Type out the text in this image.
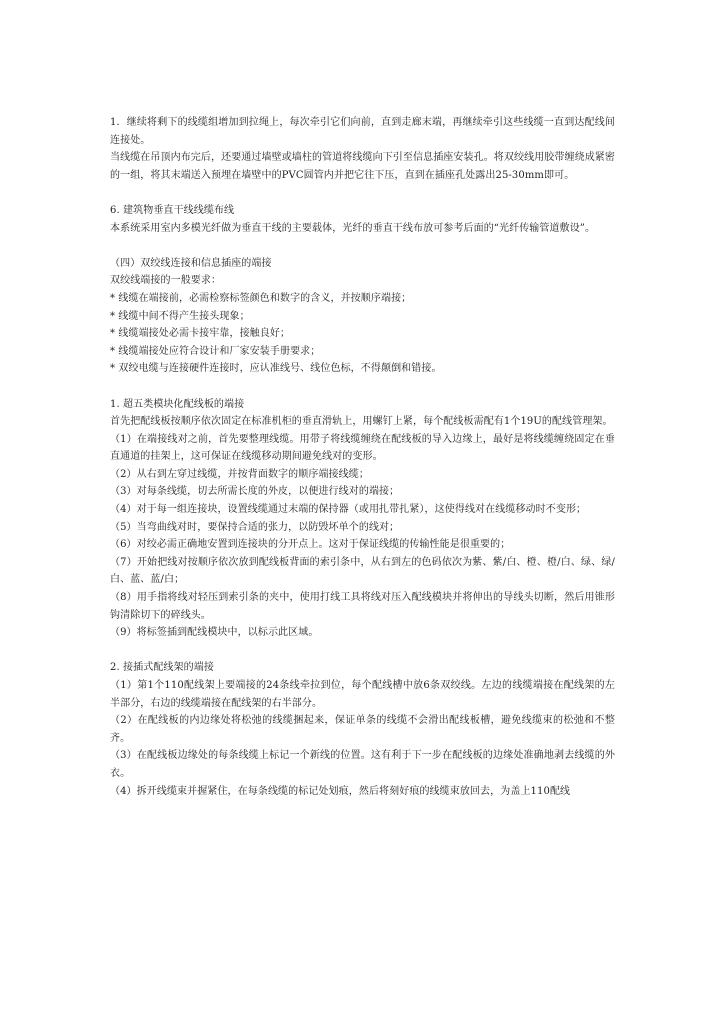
1．继续将剩下的线缆组增加到拉绳上，每次牵引它们向前，直到走廊末端，再继续牵引这些线缆一直到达配线间连接处。

当线缆在吊顶内布完后，还要通过墙壁或墙柱的管道将线缆向下引至信息插座安装孔。将双绞线用胶带缠绕成紧密的一组，将其末端送入预埋在墙壁中的PVC圆管内并把它往下压，直到在插座孔处露出25-30mm即可。

6. 建筑物垂直干线线缆布线

本系统采用室内多模光纤做为垂直干线的主要载体，光纤的垂直干线布放可参考后面的“光纤传输管道敷设”。

（四）双绞线连接和信息插座的端接

双绞线端接的一般要求：

* 线缆在端接前，必需检察标签颜色和数字的含义，并按顺序端接；

* 线缆中间不得产生接头现象；

* 线缆端接处必需卡接牢靠，接触良好；

* 线缆端接处应符合设计和厂家安装手册要求；

* 双绞电缆与连接硬件连接时，应认准线号、线位色标，不得颠倒和错接。

1. 超五类模块化配线板的端接

首先把配线板按顺序依次固定在标准机柜的垂直滑轨上，用螺钉上紧，每个配线板需配有1个19U的配线管理架。

（1）在端接线对之前，首先要整理线缆。用带子将线缆缠绕在配线板的导入边缘上，最好是将线缆缠绕固定在垂直通道的挂架上，这可保证在线缆移动期间避免线对的变形。

（2）从右到左穿过线缆，并按背面数字的顺序端接线缆；

（3）对每条线缆，切去所需长度的外皮，以便进行线对的端接；

（4）对于每一组连接块，设置线缆通过末端的保持器（或用扎带扎紧），这使得线对在线缆移动时不变形；

（5）当弯曲线对时，要保持合适的张力，以防毁坏单个的线对；

（6）对绞必需正确地安置到连接块的分开点上。这对于保证线缆的传输性能是很重要的；

（7）开始把线对按顺序依次放到配线板背面的索引条中，从右到左的色码依次为紫、紫/白、橙、橙/白、绿、绿/白、蓝、蓝/白；

（8）用手指将线对轻压到索引条的夹中，使用打线工具将线对压入配线模块并将伸出的导线头切断，然后用锥形钩清除切下的碎线头。

（9）将标签插到配线模块中，以标示此区域。

2. 接插式配线架的端接

（1）第1个110配线架上要端接的24条线牵拉到位，每个配线槽中放6条双绞线。左边的线缆端接在配线架的左半部分，右边的线缆端接在配线架的右半部分。

（2）在配线板的内边缘处将松弛的线缆捆起来，保证单条的线缆不会滑出配线板槽，避免线缆束的松弛和不整齐。

（3）在配线板边缘处的每条线缆上标记一个新线的位置。这有利于下一步在配线板的边缘处准确地剥去线缆的外衣。

（4）拆开线缆束并握紧住，在每条线缆的标记处划痕，然后将刻好痕的线缆束放回去，为盖上110配线
